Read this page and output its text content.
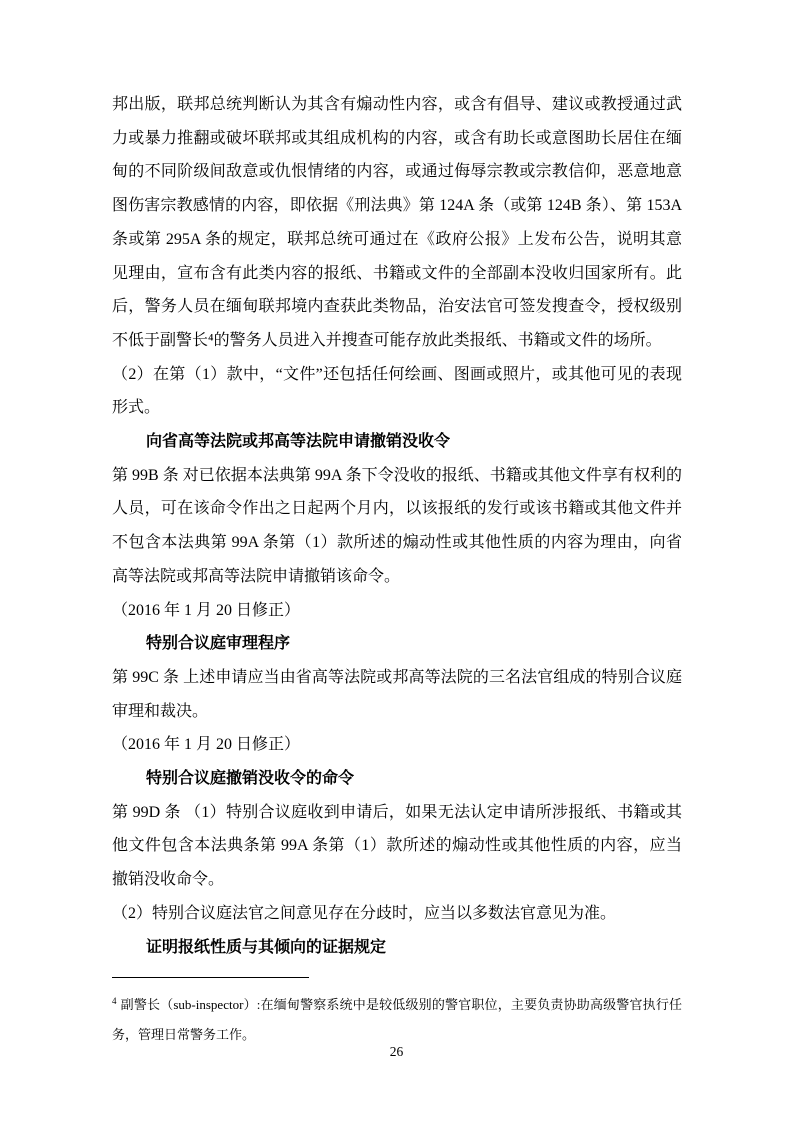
邦出版，联邦总统判断认为其含有煽动性内容，或含有倡导、建议或教授通过武力或暴力推翻或破坏联邦或其组成机构的内容，或含有助长或意图助长居住在缅甸的不同阶级间敌意或仇恨情绪的内容，或通过侮辱宗教或宗教信仰，恶意地意图伤害宗教感情的内容，即依据《刑法典》第 124A 条（或第 124B 条）、第 153A 条或第 295A 条的规定，联邦总统可通过在《政府公报》上发布公告，说明其意见理由，宣布含有此类内容的报纸、书籍或文件的全部副本没收归国家所有。此后，警务人员在缅甸联邦境内查获此类物品，治安法官可签发搜查令，授权级别不低于副警长⁴的警务人员进入并搜查可能存放此类报纸、书籍或文件的场所。

（2）在第（1）款中，“文件”还包括任何绘画、图画或照片，或其他可见的表现形式。

向省高等法院或邦高等法院申请撤销没收令

第 99B 条 对已依据本法典第 99A 条下令没收的报纸、书籍或其他文件享有权利的人员，可在该命令作出之日起两个月内，以该报纸的发行或该书籍或其他文件并不包含本法典第 99A 条第（1）款所述的煽动性或其他性质的内容为理由，向省高等法院或邦高等法院申请撤销该命令。

（2016 年 1 月 20 日修正）

特别合议庭审理程序

第 99C 条 上述申请应当由省高等法院或邦高等法院的三名法官组成的特别合议庭审理和裁决。

（2016 年 1 月 20 日修正）

特别合议庭撤销没收令的命令

第 99D 条 （1）特别合议庭收到申请后，如果无法认定申请所涉报纸、书籍或其他文件包含本法典条第 99A 条第（1）款所述的煽动性或其他性质的内容，应当撤销没收命令。

（2）特别合议庭法官之间意见存在分歧时，应当以多数法官意见为准。

证明报纸性质与其倾向的证据规定

$^4$ 副警长（sub-inspector）:在缅甸警察系统中是较低级别的警官职位，主要负责协助高级警官执行任务，管理日常警务工作。

26
